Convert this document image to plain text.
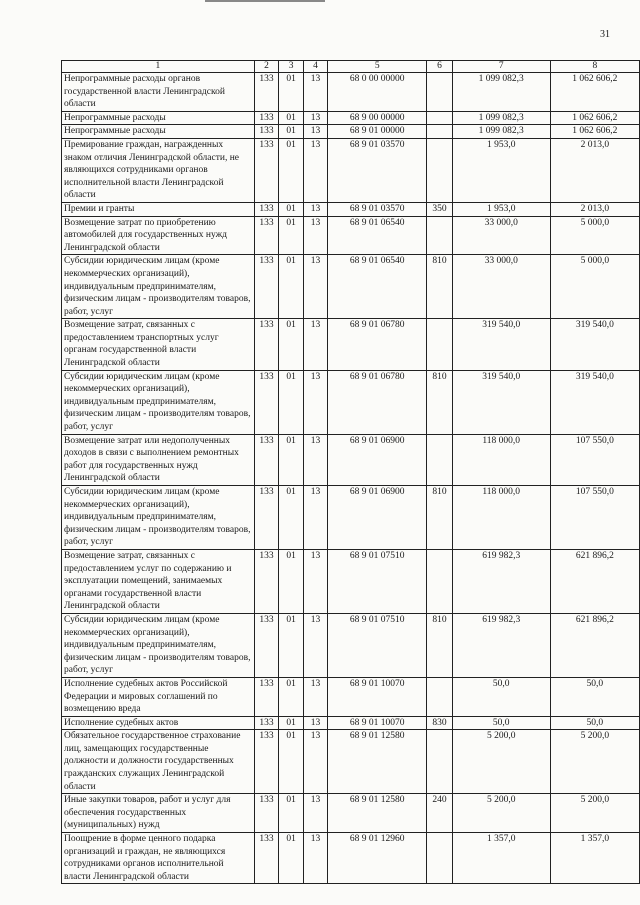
31
1	2	3	4	5	6	7	8
Непрограммные расходы органов государственной власти Ленинградской области	133	01	13	68 0 00 00000		1 099 082,3	1 062 606,2
Непрограммные расходы	133	01	13	68 9 00 00000		1 099 082,3	1 062 606,2
Непрограммные расходы	133	01	13	68 9 01 00000		1 099 082,3	1 062 606,2
Премирование граждан, награжденных знаком отличия Ленинградской области, не являющихся сотрудниками органов исполнительной власти Ленинградской области	133	01	13	68 9 01 03570		1 953,0	2 013,0
Премии и гранты	133	01	13	68 9 01 03570	350	1 953,0	2 013,0
Возмещение затрат по приобретению автомобилей для государственных нужд Ленинградской области	133	01	13	68 9 01 06540		33 000,0	5 000,0
Субсидии юридическим лицам (кроме некоммерческих организаций), индивидуальным предпринимателям, физическим лицам - производителям товаров, работ, услуг	133	01	13	68 9 01 06540	810	33 000,0	5 000,0
Возмещение затрат, связанных с предоставлением транспортных услуг органам государственной власти Ленинградской области	133	01	13	68 9 01 06780		319 540,0	319 540,0
Субсидии юридическим лицам (кроме некоммерческих организаций), индивидуальным предпринимателям, физическим лицам - производителям товаров, работ, услуг	133	01	13	68 9 01 06780	810	319 540,0	319 540,0
Возмещение затрат или недополученных доходов в связи с выполнением ремонтных работ для государственных нужд Ленинградской области	133	01	13	68 9 01 06900		118 000,0	107 550,0
Субсидии юридическим лицам (кроме некоммерческих организаций), индивидуальным предпринимателям, физическим лицам - производителям товаров, работ, услуг	133	01	13	68 9 01 06900	810	118 000,0	107 550,0
Возмещение затрат, связанных с предоставлением услуг по содержанию и эксплуатации помещений, занимаемых органами государственной власти Ленинградской области	133	01	13	68 9 01 07510		619 982,3	621 896,2
Субсидии юридическим лицам (кроме некоммерческих организаций), индивидуальным предпринимателям, физическим лицам - производителям товаров, работ, услуг	133	01	13	68 9 01 07510	810	619 982,3	621 896,2
Исполнение судебных актов Российской Федерации и мировых соглашений по возмещению вреда	133	01	13	68 9 01 10070		50,0	50,0
Исполнение судебных актов	133	01	13	68 9 01 10070	830	50,0	50,0
Обязательное государственное страхование лиц, замещающих государственные должности и должности государственных гражданских служащих Ленинградской области	133	01	13	68 9 01 12580		5 200,0	5 200,0
Иные закупки товаров, работ и услуг для обеспечения государственных (муниципальных) нужд	133	01	13	68 9 01 12580	240	5 200,0	5 200,0
Поощрение в форме ценного подарка организаций и граждан, не являющихся сотрудниками органов исполнительной власти Ленинградской области	133	01	13	68 9 01 12960		1 357,0	1 357,0
